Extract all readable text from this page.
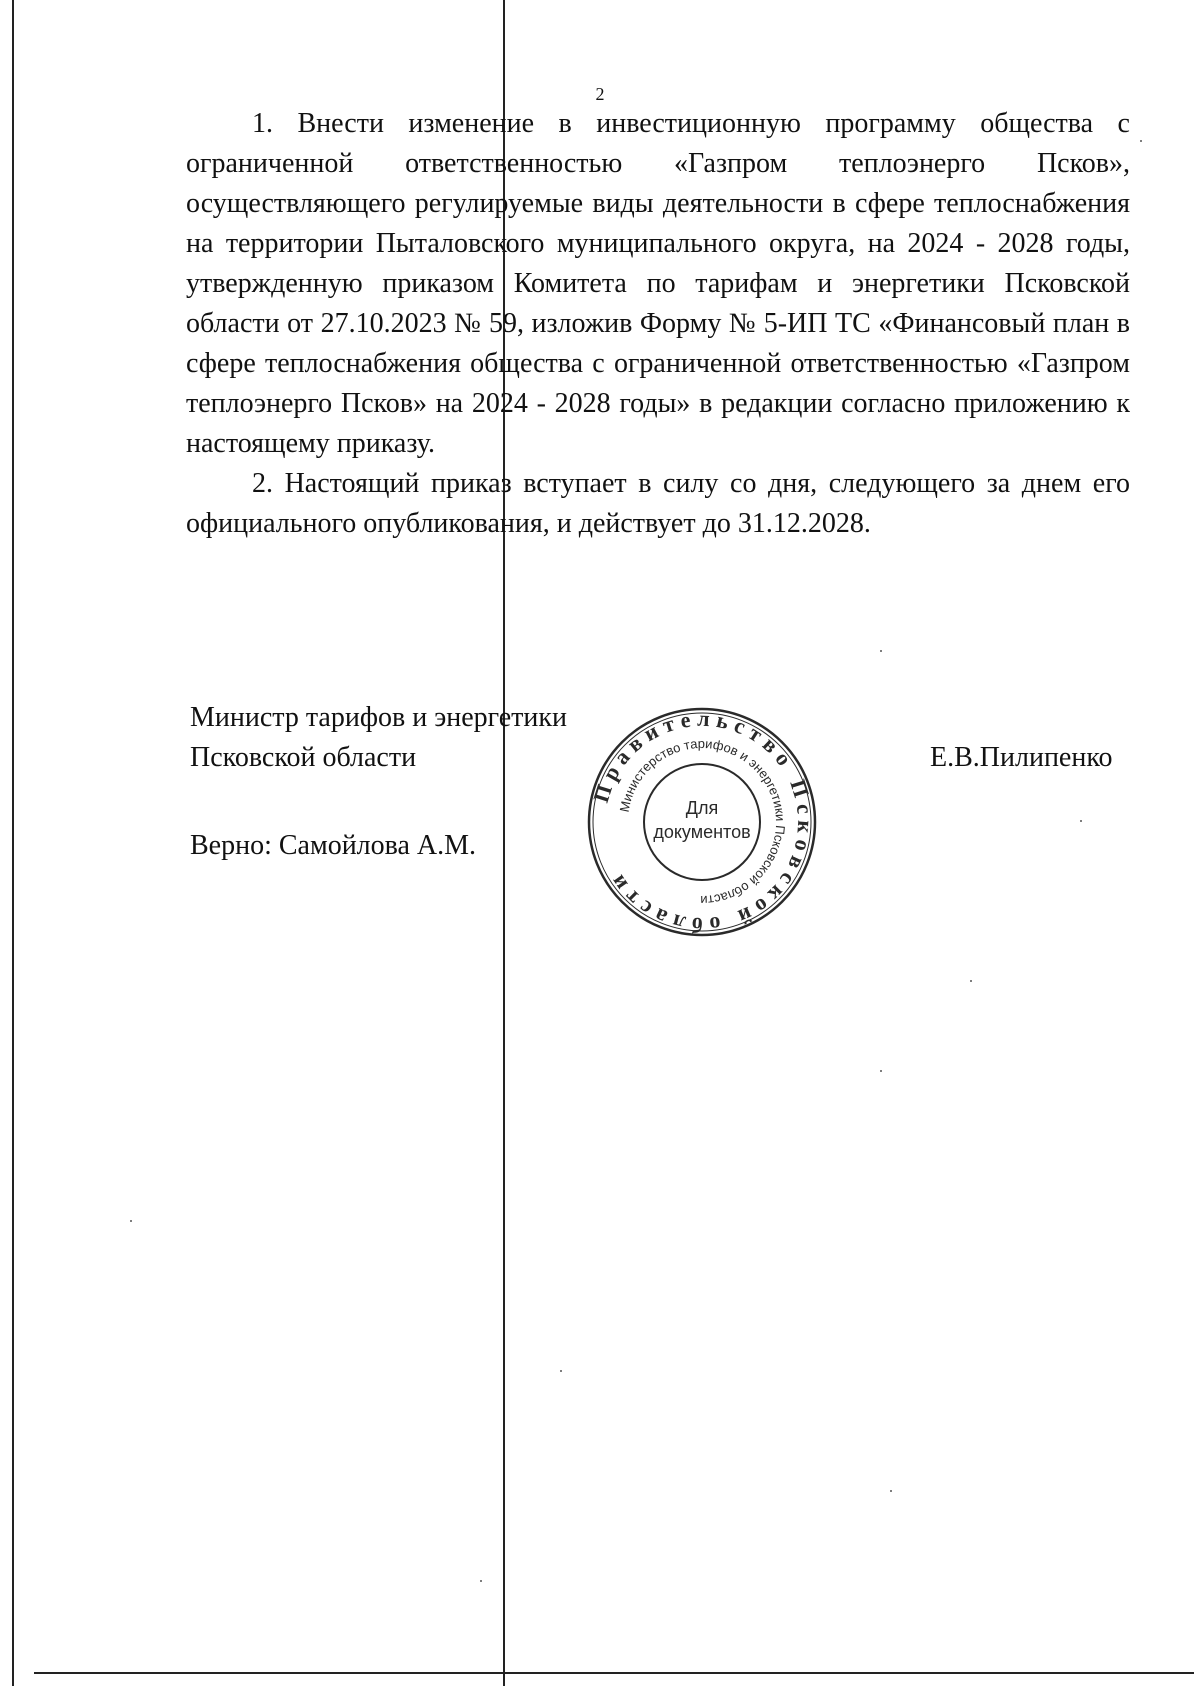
2

1. Внести изменение в инвестиционную программу общества с ограниченной ответственностью «Газпром теплоэнерго Псков», осуществляющего регулируемые виды деятельности в сфере теплоснабжения на территории Пыталовского муниципального округа, на 2024 - 2028 годы, утвержденную приказом Комитета по тарифам и энергетики Псковской области от 27.10.2023 № 59, изложив Форму № 5-ИП ТС «Финансовый план в сфере теплоснабжения общества с ограниченной ответственностью «Газпром теплоэнерго Псков» на 2024 - 2028 годы» в редакции согласно приложению к настоящему приказу.

2. Настоящий приказ вступает в силу со дня, следующего за днем его официального опубликования, и действует до 31.12.2028.

Министр тарифов и энергетики
Псковской области	Е.В.Пилипенко
Верно: Самойлова А.М.
Правительство Псковской области
Министерство тарифов и энергетики Псковской области
Для
документов
